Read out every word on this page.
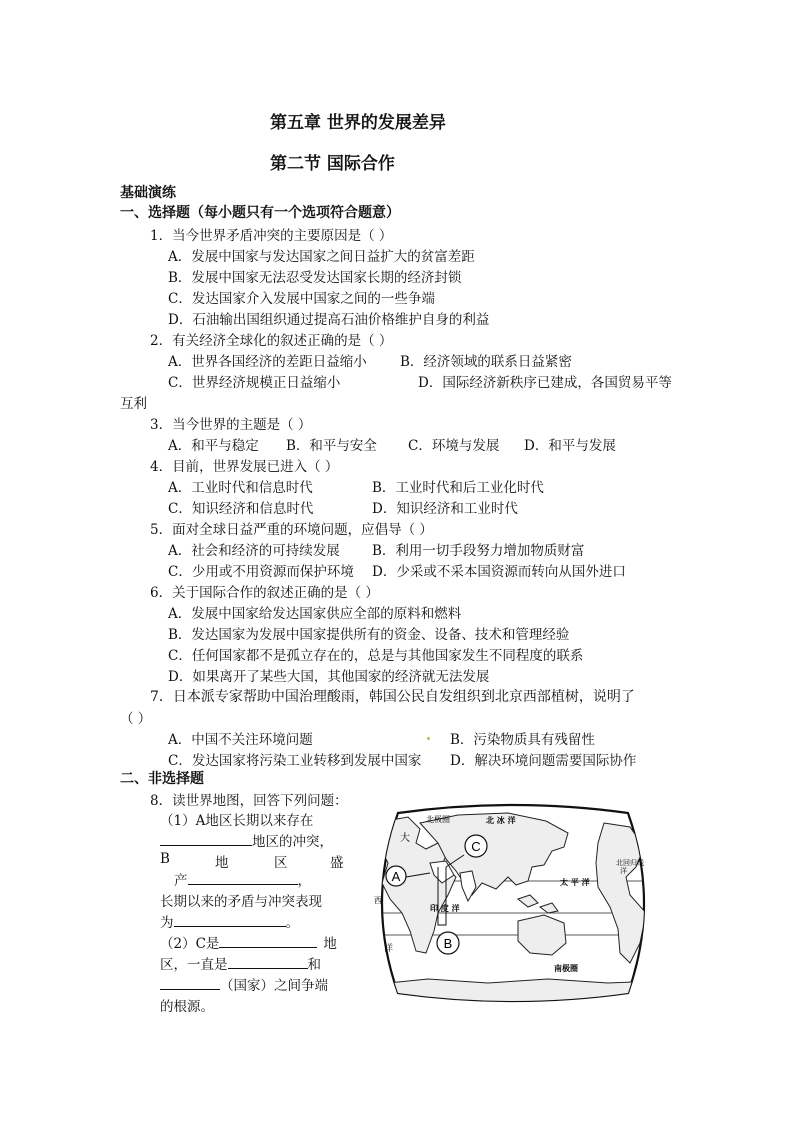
第五章 世界的发展差异
第二节 国际合作
基础演练
一、选择题（每小题只有一个选项符合题意）
1．当今世界矛盾冲突的主要原因是（ ）
A．发展中国家与发达国家之间日益扩大的贫富差距
B．发展中国家无法忍受发达国家长期的经济封锁
C．发达国家介入发展中国家之间的一些争端
D．石油输出国组织通过提高石油价格维护自身的利益
2．有关经济全球化的叙述正确的是（ ）
A．世界各国经济的差距日益缩小 B．经济领域的联系日益紧密
C．世界经济规模正日益缩小	D．国际经济新秩序已建成，各国贸易平等
互利
3．当今世界的主题是（ ）
A．和平与稳定 B．和平与安全 C．环境与发展 D．和平与发展
4．目前，世界发展已进入（ ）
A．工业时代和信息时代	B．工业时代和后工业化时代
C．知识经济和信息时代	D．知识经济和工业时代
5．面对全球日益严重的环境问题，应倡导（ ）
A．社会和经济的可持续发展 B．利用一切手段努力增加物质财富
C．少用或不用资源而保护环境 D．少采或不采本国资源而转向从国外进口
6．关于国际合作的叙述正确的是（ ）
A．发展中国家给发达国家供应全部的原料和燃料
B．发达国家为发展中国家提供所有的资金、设备、技术和管理经验
C．任何国家都不是孤立存在的，总是与其他国家发生不同程度的联系
D．如果离开了某些大国，其他国家的经济就无法发展
7．日本派专家帮助中国治理酸雨，韩国公民自发组织到北京西部植树，说明了
（ ）
A．中国不关注环境问题	B．污染物质具有残留性
C．发达国家将污染工业转移到发展中国家 D．解决环境问题需要国际协作
二、非选择题
8．读世界地图，回答下列问题：
（1）A地区长期以来存在
地区的冲突，
B	地	区	盛
产	，
长期以来的矛盾与冲突表现
为	。
（2）C是	地
区，一直是	和
（国家）之间争端
的根源。
A
C
B
北极圈	北 冰 洋
大
太 平 洋
印 度 洋
西
洋
北回归线
洋
南极圈
